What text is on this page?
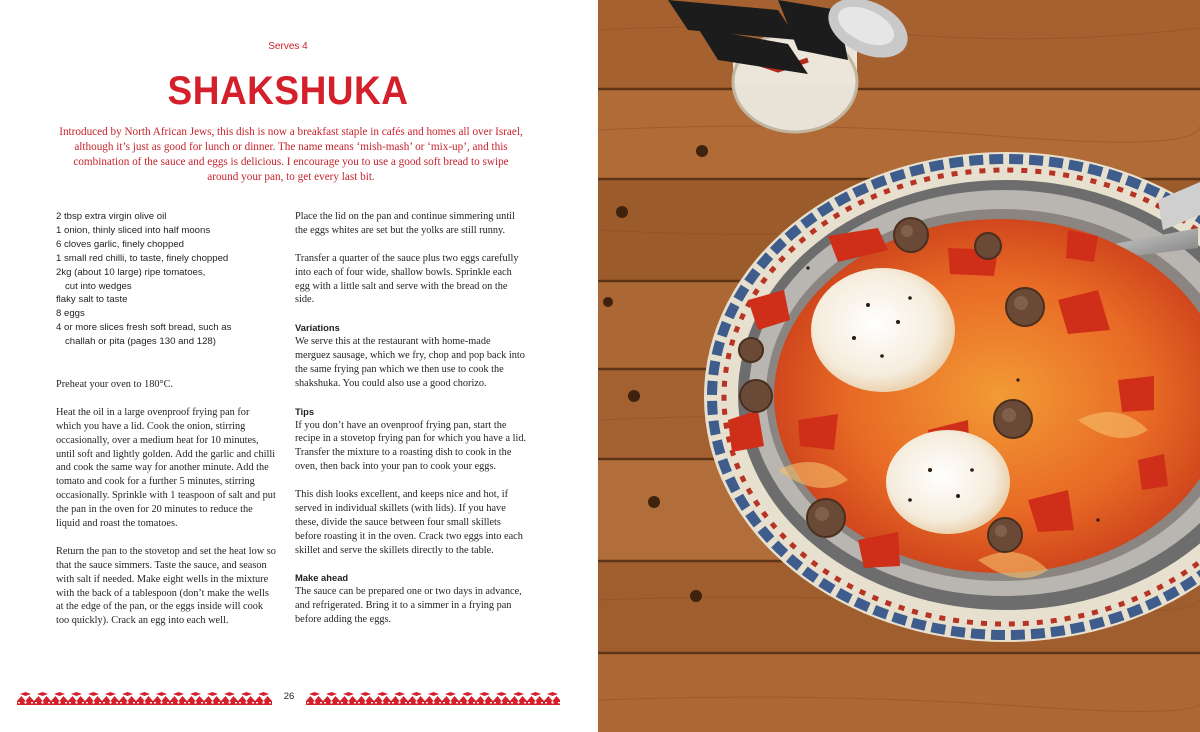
Serves 4
SHAKSHUKA
Introduced by North African Jews, this dish is now a breakfast staple in cafés and homes all over Israel, although it’s just as good for lunch or dinner. The name means ‘mish-mash’ or ‘mix-up’, and this combination of the sauce and eggs is delicious. I encourage you to use a good soft bread to swipe around your pan, to get every last bit.
2 tbsp extra virgin olive oil
1 onion, thinly sliced into half moons
6 cloves garlic, finely chopped
1 small red chilli, to taste, finely chopped
2kg (about 10 large) ripe tomatoes,
cut into wedges
flaky salt to taste
8 eggs
4 or more slices fresh soft bread, such as
challah or pita (pages 130 and 128)

Preheat your oven to 180°C.

Heat the oil in a large ovenproof frying pan for which you have a lid. Cook the onion, stirring occasionally, over a medium heat for 10 minutes, until soft and lightly golden. Add the garlic and chilli and cook the same way for another minute. Add the tomato and cook for a further 5 minutes, stirring occasionally. Sprinkle with 1 teaspoon of salt and put the pan in the oven for 20 minutes to reduce the liquid and roast the tomatoes.

Return the pan to the stovetop and set the heat low so that the sauce simmers. Taste the sauce, and season with salt if needed. Make eight wells in the mixture with the back of a tablespoon (don’t make the wells at the edge of the pan, or the eggs inside will cook too quickly). Crack an egg into each well.

Place the lid on the pan and continue simmering until the eggs whites are set but the yolks are still runny.

Transfer a quarter of the sauce plus two eggs carefully into each of four wide, shallow bowls. Sprinkle each egg with a little salt and serve with the bread on the side.

Variations

We serve this at the restaurant with home-made merguez sausage, which we fry, chop and pop back into the same frying pan which we then use to cook the shakshuka. You could also use a good chorizo.

Tips

If you don’t have an ovenproof frying pan, start the recipe in a stovetop frying pan for which you have a lid. Transfer the mixture to a roasting dish to cook in the oven, then back into your pan to cook your eggs.

This dish looks excellent, and keeps nice and hot, if served in individual skillets (with lids). If you have these, divide the sauce between four small skillets before roasting it in the oven. Crack two eggs into each skillet and serve the skillets directly to the table.

Make ahead

The sauce can be prepared one or two days in advance, and refrigerated. Bring it to a simmer in a frying pan before adding the eggs.

26
